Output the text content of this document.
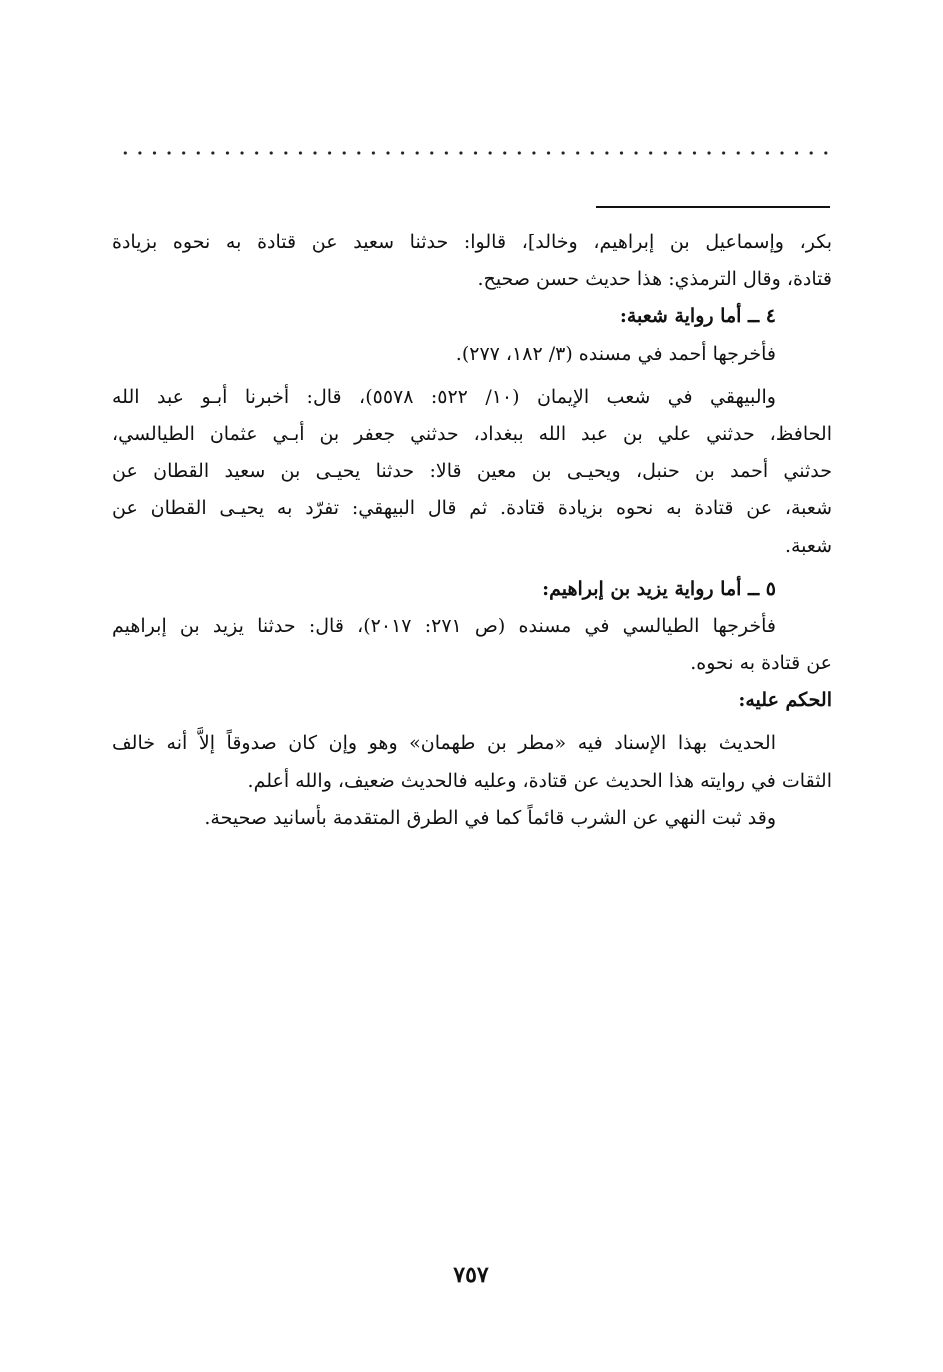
بكر، وإسماعيل بن إبراهيم، وخالد]، قالوا: حدثنا سعيد عن قتادة به نحوه بزيادة
قتادة، وقال الترمذي: هذا حديث حسن صحيح.
٤ ــ أما رواية شعبة:
فأخرجها أحمد في مسنده (٣/ ١٨٢، ٢٧٧).
والبيهقي في شعب الإيمان (١٠/ ٥٢٢: ٥٥٧٨)، قال: أخبرنا أبـو عبد الله
الحافظ، حدثني علي بن عبد الله ببغداد، حدثني جعفر بن أبـي عثمان الطيالسي،
حدثني أحمد بن حنبل، ويحيـى بن معين قالا: حدثنا يحيـى بن سعيد القطان عن
شعبة، عن قتادة به نحوه بزيادة قتادة. ثم قال البيهقي: تفرّد به يحيـى القطان عن
شعبة.
٥ ــ أما رواية يزيد بن إبراهيم:
فأخرجها الطيالسي في مسنده (ص ٢٧١: ٢٠١٧)، قال: حدثنا يزيد بن إبراهيم
عن قتادة به نحوه.
الحكم عليه:
الحديث بهذا الإسناد فيه «مطر بن طهمان» وهو وإن كان صدوقاً إلاَّ أنه خالف
الثقات في روايته هذا الحديث عن قتادة، وعليه فالحديث ضعيف، والله أعلم.
وقد ثبت النهي عن الشرب قائماً كما في الطرق المتقدمة بأسانيد صحيحة.
٧٥٧
